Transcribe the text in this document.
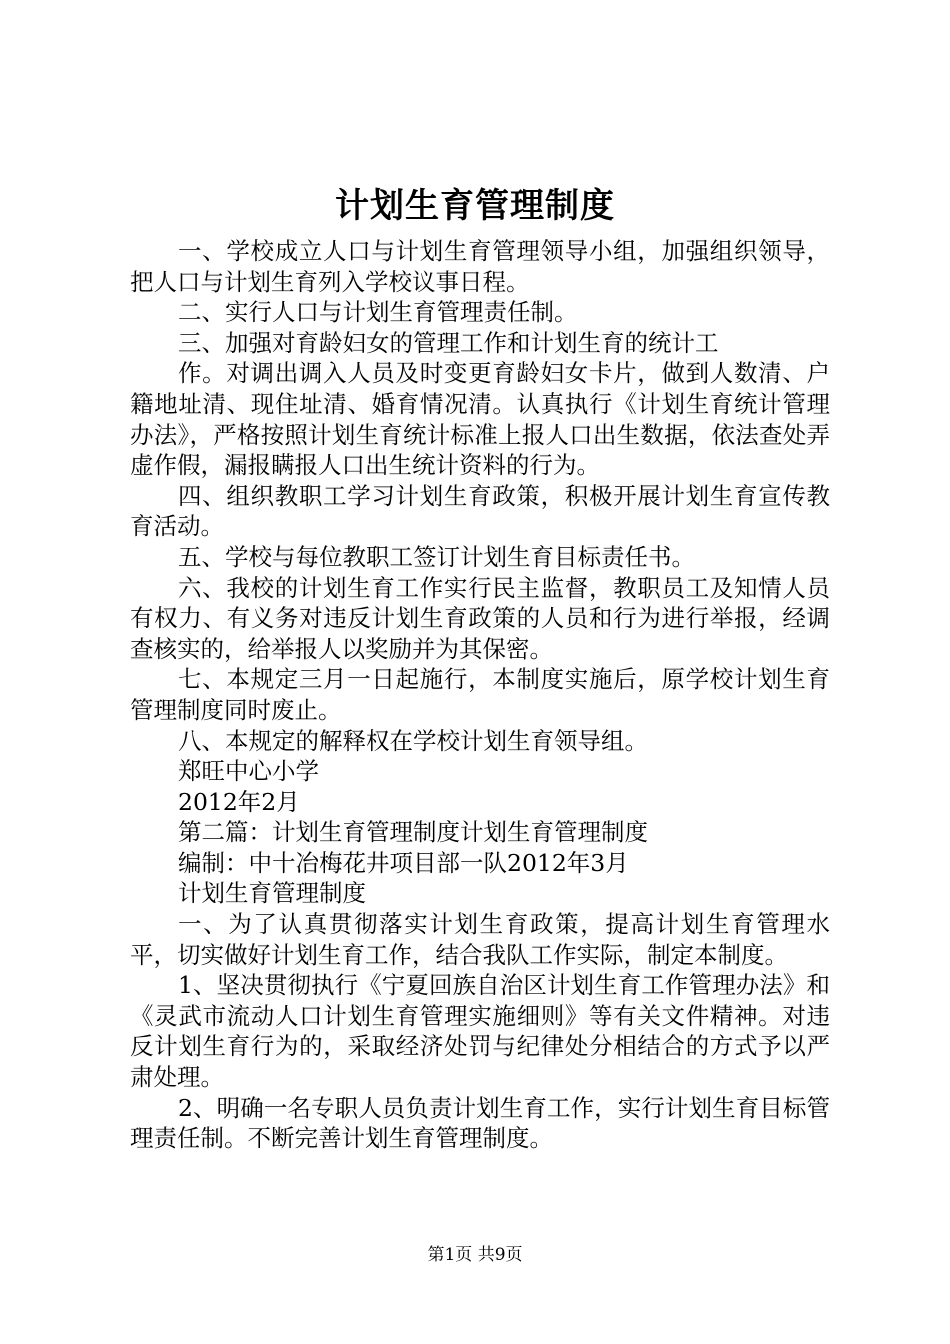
计划生育管理制度

一、学校成立人口与计划生育管理领导小组，加强组织领导，把人口与计划生育列入学校议事日程。

二、实行人口与计划生育管理责任制。

三、加强对育龄妇女的管理工作和计划生育的统计工

作。对调出调入人员及时变更育龄妇女卡片，做到人数清、户籍地址清、现住址清、婚育情况清。认真执行《计划生育统计管理办法》，严格按照计划生育统计标准上报人口出生数据，依法查处弄虚作假，漏报瞒报人口出生统计资料的行为。

四、组织教职工学习计划生育政策，积极开展计划生育宣传教育活动。

五、学校与每位教职工签订计划生育目标责任书。

六、我校的计划生育工作实行民主监督，教职员工及知情人员有权力、有义务对违反计划生育政策的人员和行为进行举报，经调查核实的，给举报人以奖励并为其保密。

七、本规定三月一日起施行，本制度实施后，原学校计划生育管理制度同时废止。

八、本规定的解释权在学校计划生育领导组。

郑旺中心小学

2012年2月

第二篇：计划生育管理制度计划生育管理制度

编制：中十冶梅花井项目部一队2012年3月

计划生育管理制度

一、为了认真贯彻落实计划生育政策，提高计划生育管理水平，切实做好计划生育工作，结合我队工作实际，制定本制度。

1、坚决贯彻执行《宁夏回族自治区计划生育工作管理办法》和《灵武市流动人口计划生育管理实施细则》等有关文件精神。对违反计划生育行为的，采取经济处罚与纪律处分相结合的方式予以严肃处理。

2、明确一名专职人员负责计划生育工作，实行计划生育目标管理责任制。不断完善计划生育管理制度。

第1页 共9页
